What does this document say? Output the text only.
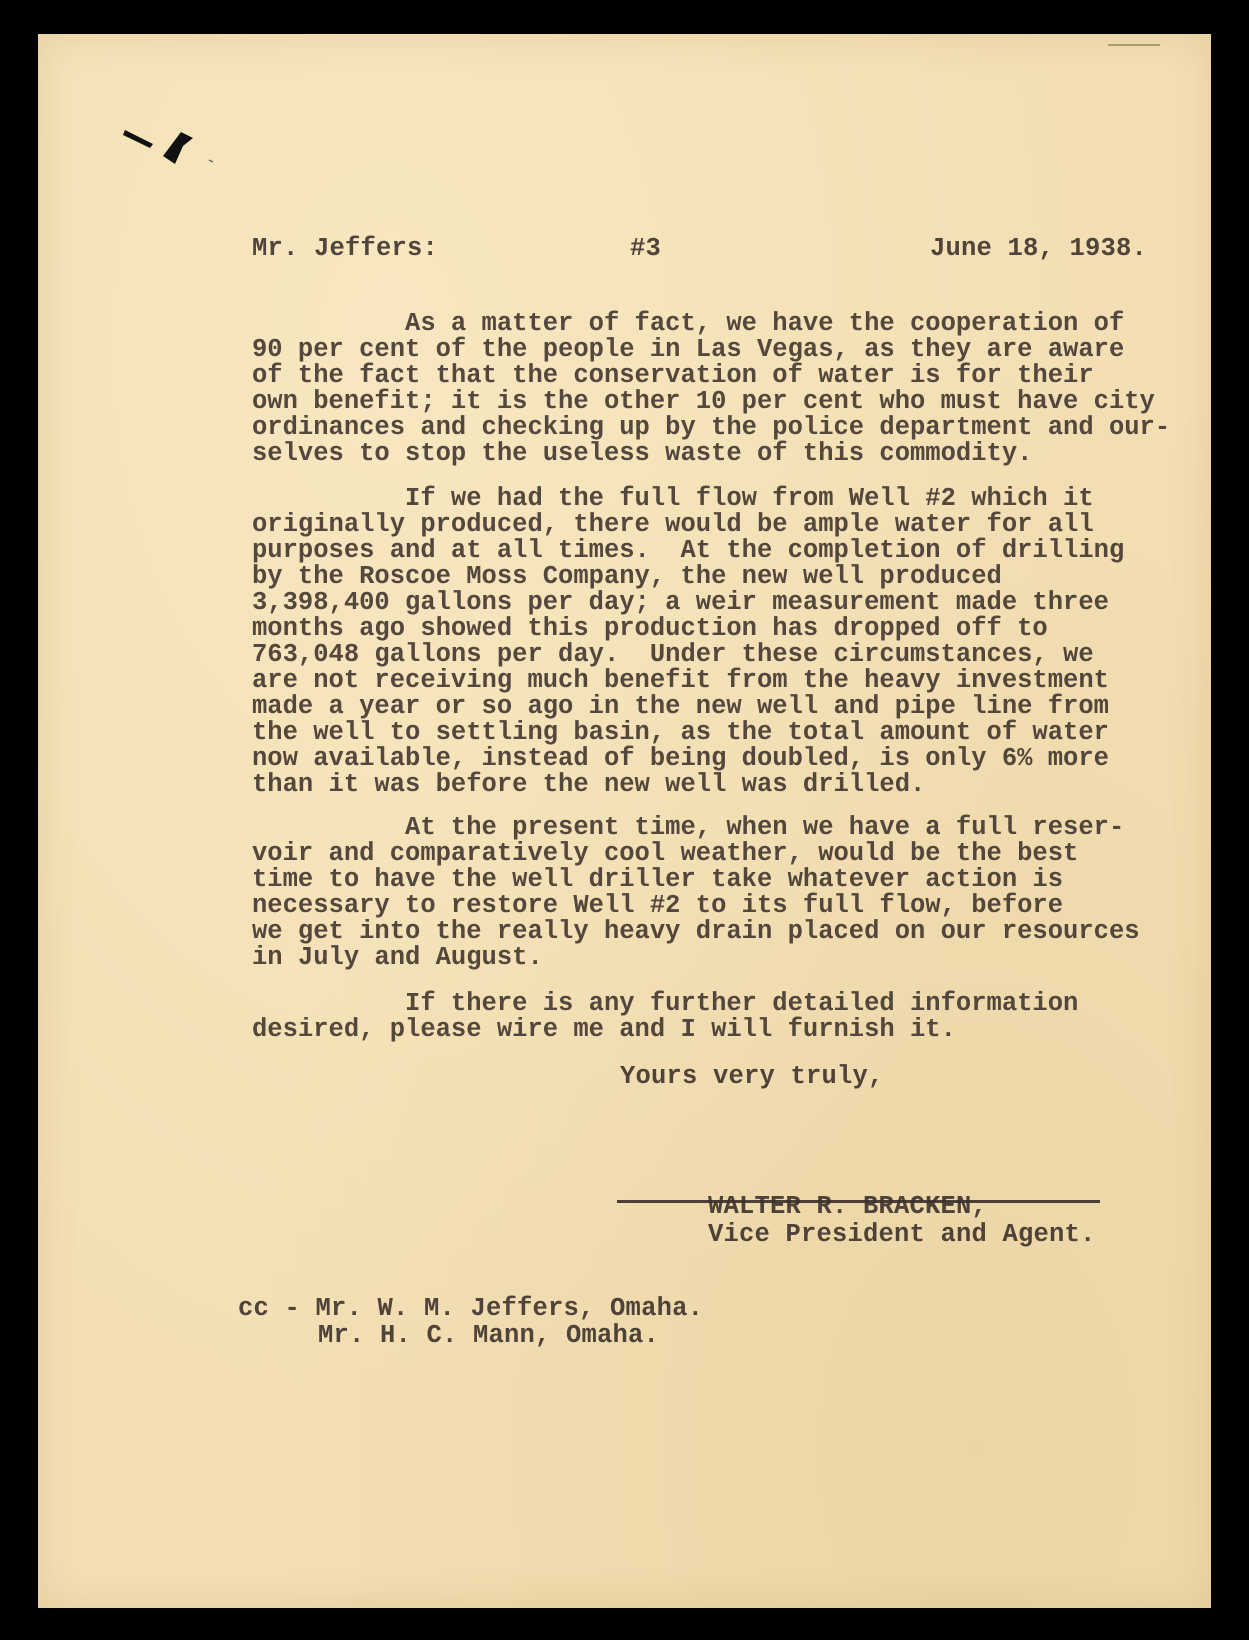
Mr. Jeffers:	#3	June 18, 1938.
As a matter of fact, we have the cooperation of
90 per cent of the people in Las Vegas, as they are aware
of the fact that the conservation of water is for their
own benefit; it is the other 10 per cent who must have city
ordinances and checking up by the police department and our-
selves to stop the useless waste of this commodity.
If we had the full flow from Well #2 which it
originally produced, there would be ample water for all
purposes and at all times.  At the completion of drilling
by the Roscoe Moss Company, the new well produced
3,398,400 gallons per day; a weir measurement made three
months ago showed this production has dropped off to
763,048 gallons per day.  Under these circumstances, we
are not receiving much benefit from the heavy investment
made a year or so ago in the new well and pipe line from
the well to settling basin, as the total amount of water
now available, instead of being doubled, is only 6% more
than it was before the new well was drilled.
At the present time, when we have a full reser-
voir and comparatively cool weather, would be the best
time to have the well driller take whatever action is
necessary to restore Well #2 to its full flow, before
we get into the really heavy drain placed on our resources
in July and August.
If there is any further detailed information
desired, please wire me and I will furnish it.
Yours very truly,
WALTER R. BRACKEN,
Vice President and Agent.
cc - Mr. W. M. Jeffers, Omaha.
Mr. H. C. Mann, Omaha.
